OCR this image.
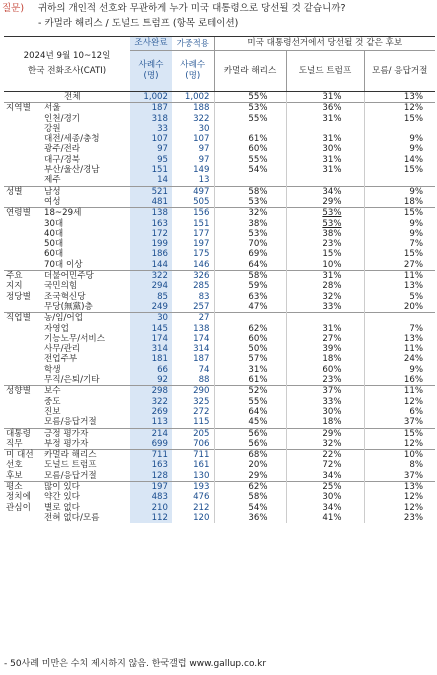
질문) 귀하의 개인적 선호와 무관하게 누가 미국 대통령으로 당선될 것 같습니까?
- 카멀라 해리스 / 도널드 트럼프 (항목 로테이션)
2024년 9월 10~12일
한국 전화조사(CATI)		조사완료	가중적용	미국 대통령선거에서 당선될 것 같은 후보		
		사례수 (명)	사례수 (명)	카멀라 해리스	도널드 트럼프	모름/ 응답거절
	전체	1,002	1,002	55%	31%	13%
지역별	서울	187	188	53%	36%	12%
	인천/경기	318	322	55%	31%	15%
	강원	33	30			
	대전/세종/충청	107	107	61%	31%	9%
	광주/전라	97	97	60%	30%	9%
	대구/경북	95	97	55%	31%	14%
	부산/울산/경남	151	149	54%	31%	15%
	제주	14	13			
성별	남성	521	497	58%	34%	9%
	여성	481	505	53%	29%	18%
연령별	18~29세	138	156	32%	53%	15%
	30대	163	151	38%	53%	9%
	40대	172	177	53%	38%	9%
	50대	199	197	70%	23%	7%
	60대	186	175	69%	15%	15%
	70대 이상	144	146	64%	10%	27%
주요	더불어민주당	322	326	58%	31%	11%
지지	국민의힘	294	285	59%	28%	13%
정당별	조국혁신당	85	83	63%	32%	5%
	무당(無黨)층	249	257	47%	33%	20%
직업별	농/임/어업	30	27			
	자영업	145	138	62%	31%	7%
	기능노무/서비스	174	174	60%	27%	13%
	사무/관리	314	314	50%	39%	11%
	전업주부	181	187	57%	18%	24%
	학생	66	74	31%	60%	9%
	무직/은퇴/기타	92	88	61%	23%	16%
성향별	보수	298	290	52%	37%	11%
	중도	322	325	55%	33%	12%
	진보	269	272	64%	30%	6%
	모름/응답거절	113	115	45%	18%	37%
대통령	긍정 평가자	214	205	56%	29%	15%
직무	부정 평가자	699	706	56%	32%	12%
미 대선	카멀라 해리스	711	711	68%	22%	10%
선호	도널드 트럼프	163	161	20%	72%	8%
후보	모름/응답거절	128	130	29%	34%	37%
평소	많이 있다	197	193	62%	25%	13%
정치에	약간 있다	483	476	58%	30%	12%
관심이	별로 없다	210	212	54%	34%	12%
	전혀 없다/모름	112	120	36%	41%	23%
- 50사례 미만은 수치 제시하지 않음. 한국갤럽 www.gallup.co.kr
